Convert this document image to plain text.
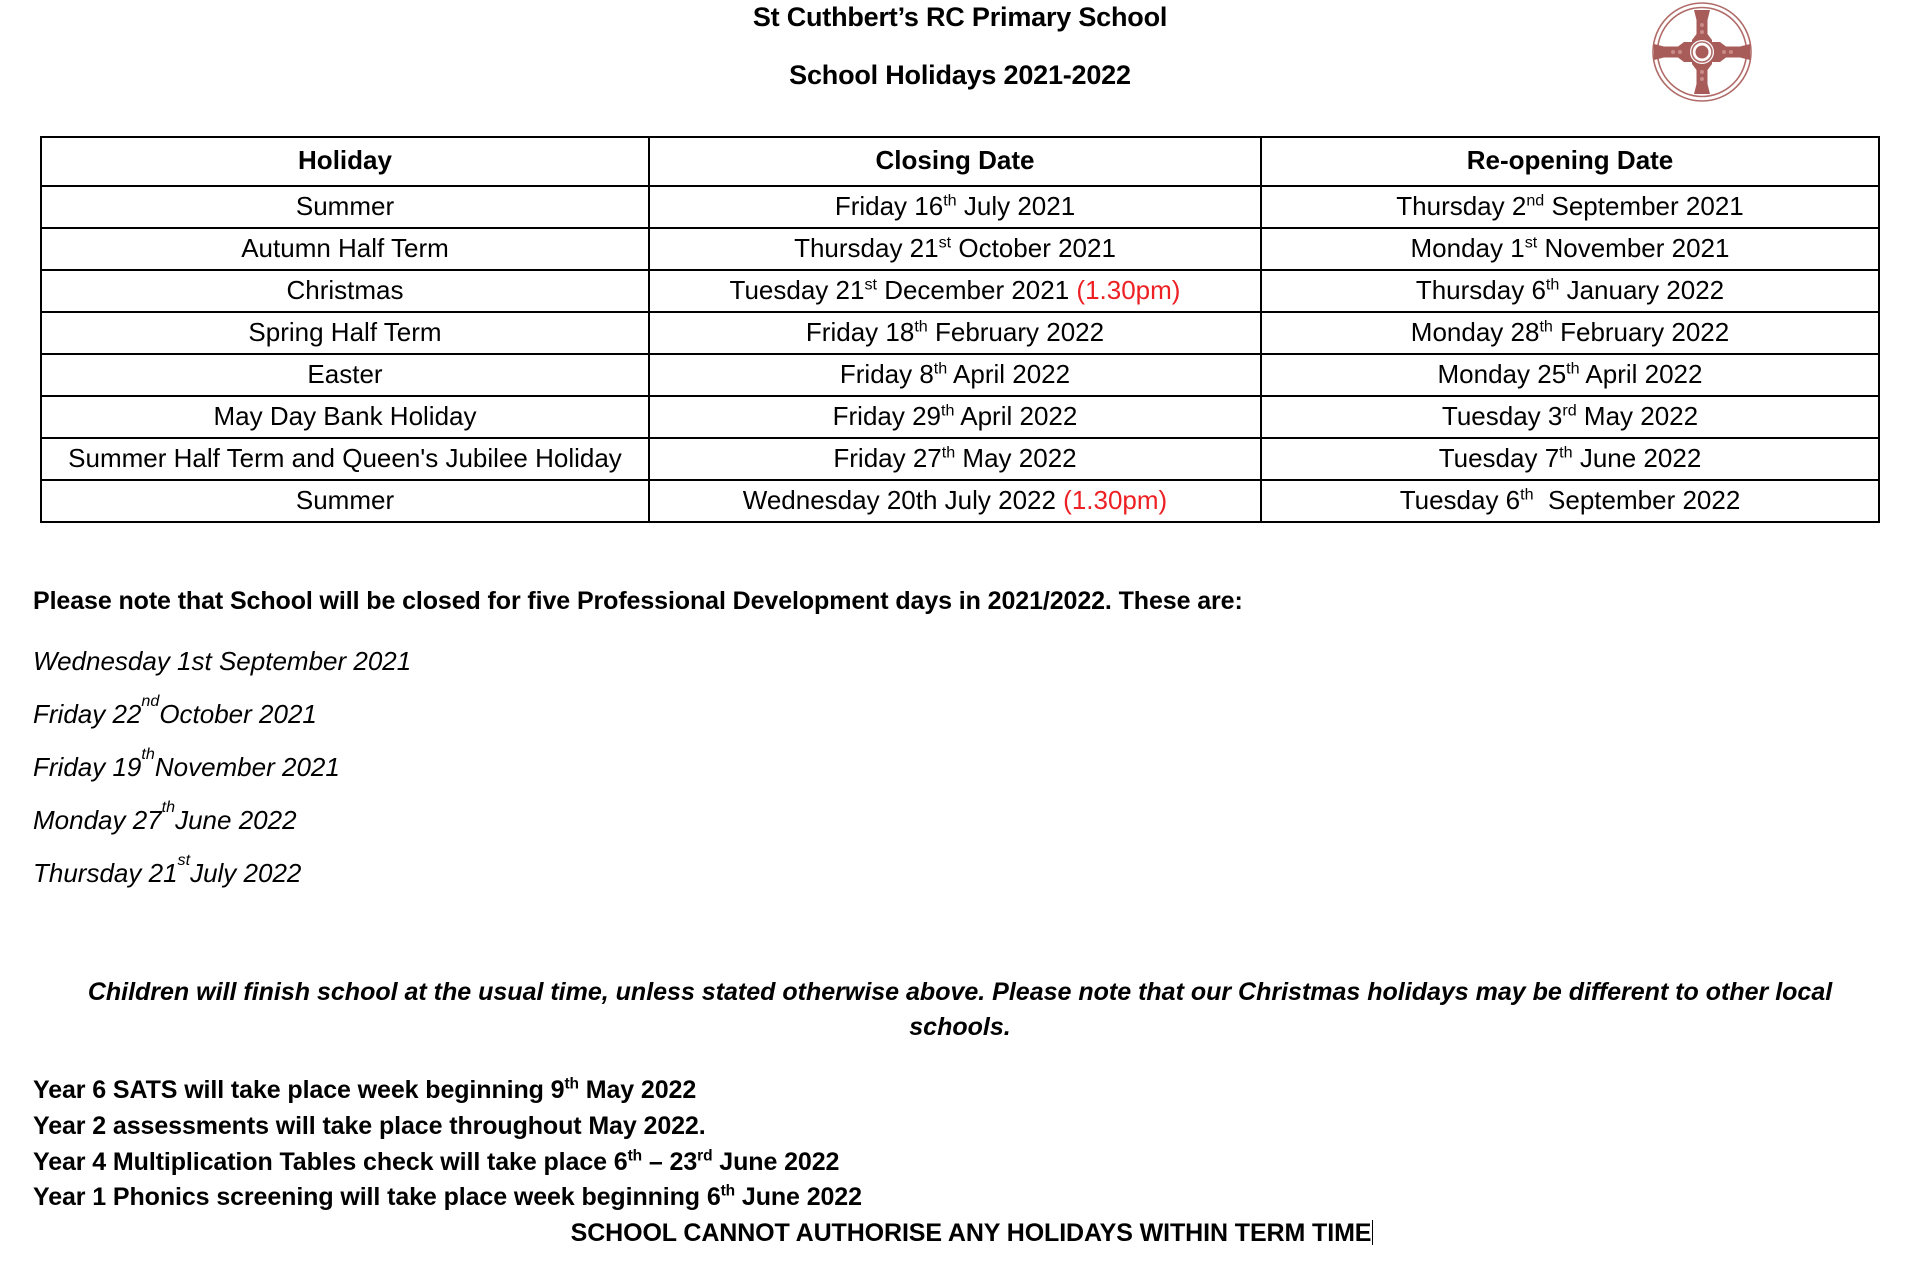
St Cuthbert’s RC Primary School
School Holidays 2021-2022
Holiday	Closing Date	Re-opening Date
Summer	Friday 16th July 2021	Thursday 2nd September 2021
Autumn Half Term	Thursday 21st October 2021	Monday 1st November 2021
Christmas	Tuesday 21st December 2021 (1.30pm)	Thursday 6th January 2022
Spring Half Term	Friday 18th February 2022	Monday 28th February 2022
Easter	Friday 8th April 2022	Monday 25th April 2022
May Day Bank Holiday	Friday 29th April 2022	Tuesday 3rd May 2022
Summer Half Term and Queen's Jubilee Holiday	Friday 27th May 2022	Tuesday 7th June 2022
Summer	Wednesday 20th July 2022 (1.30pm)	Tuesday 6th  September 2022
Please note that School will be closed for five Professional Development days in 2021/2022. These are:
Wednesday 1st September 2021
Friday 22 nd October 2021
Friday 19 th November 2021
Monday 27 th June 2022
Thursday 21 st July 2022
Children will finish school at the usual time, unless stated otherwise above. Please note that our Christmas holidays may be different to other local schools.
Year 6 SATS will take place week beginning 9th May 2022
Year 2 assessments will take place throughout May 2022.
Year 4 Multiplication Tables check will take place 6th – 23rd June 2022
Year 1 Phonics screening will take place week beginning 6th June 2022
SCHOOL CANNOT AUTHORISE ANY HOLIDAYS WITHIN TERM TIME
